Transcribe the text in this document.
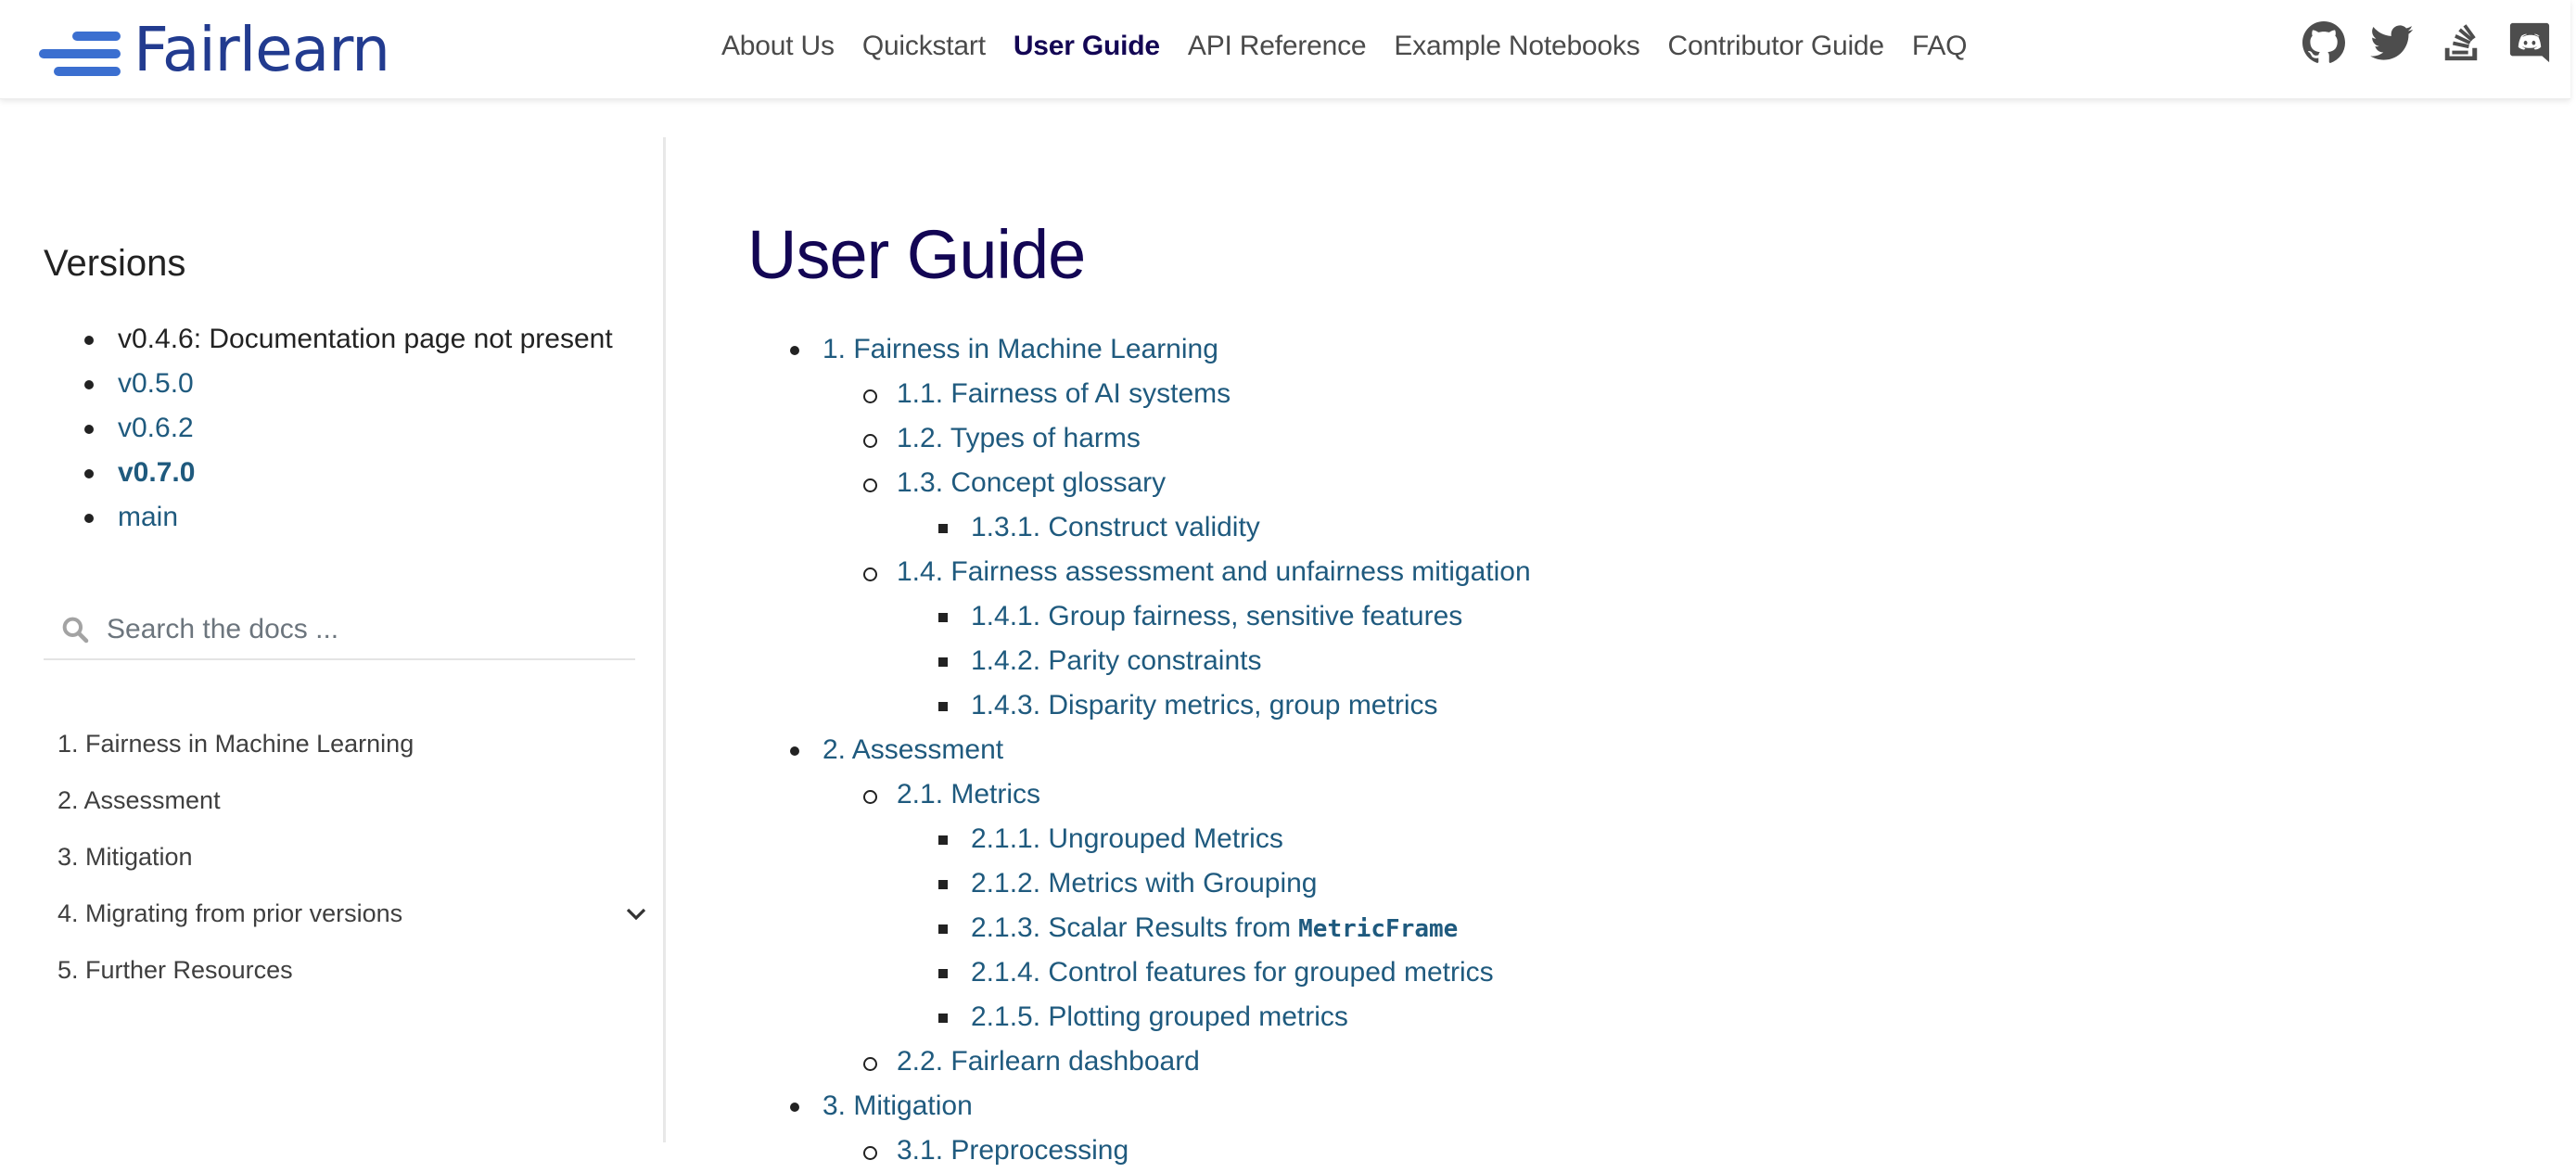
Fairlearn	About Us Quickstart User Guide API Reference Example Notebooks Contributor Guide FAQ
Versions
v0.4.6: Documentation page not present
v0.5.0
v0.6.2
v0.7.0
main
Search the docs ...
1. Fairness in Machine Learning
2. Assessment
3. Mitigation
4. Migrating from prior versions
5. Further Resources
User Guide
1. Fairness in Machine Learning
1.1. Fairness of AI systems
1.2. Types of harms
1.3. Concept glossary
1.3.1. Construct validity
1.4. Fairness assessment and unfairness mitigation
1.4.1. Group fairness, sensitive features
1.4.2. Parity constraints
1.4.3. Disparity metrics, group metrics
2. Assessment
2.1. Metrics
2.1.1. Ungrouped Metrics
2.1.2. Metrics with Grouping
2.1.3. Scalar Results from MetricFrame
2.1.4. Control features for grouped metrics
2.1.5. Plotting grouped metrics
2.2. Fairlearn dashboard
3. Mitigation
3.1. Preprocessing
